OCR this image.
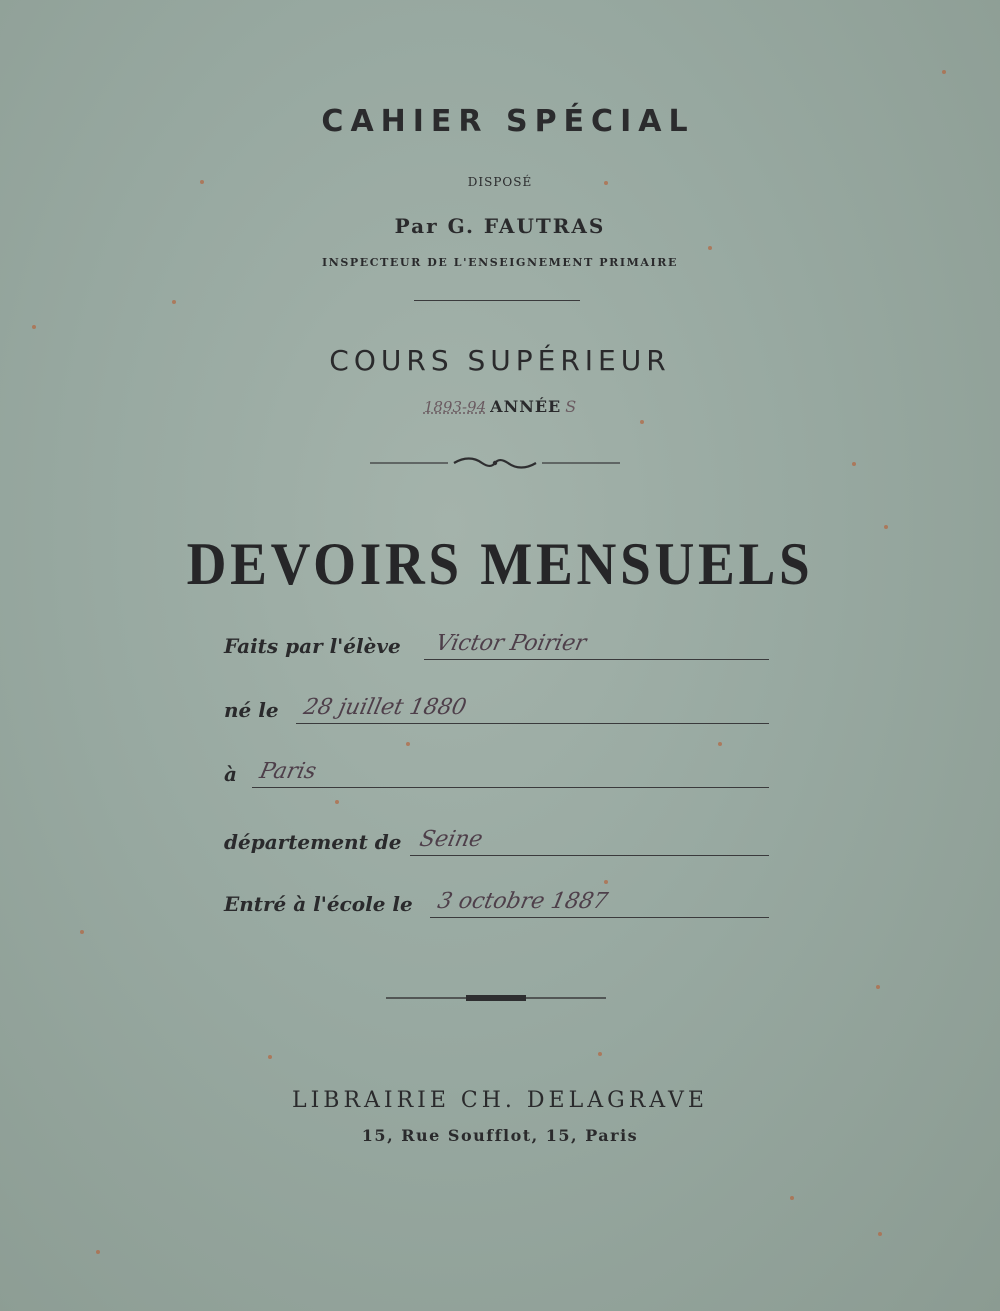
CAHIER SPÉCIAL
DISPOSÉ
Par G. FAUTRAS
INSPECTEUR DE L'ENSEIGNEMENT PRIMAIRE
COURS SUPÉRIEUR
1893-94 ANNÉE S
DEVOIRS MENSUELS
Faits par l'élève Victor Poirier
né le 28 juillet 1880
à Paris
département de Seine
Entré à l'école le 3 octobre 1887
LIBRAIRIE CH. DELAGRAVE
15, Rue Soufflot, 15, Paris
